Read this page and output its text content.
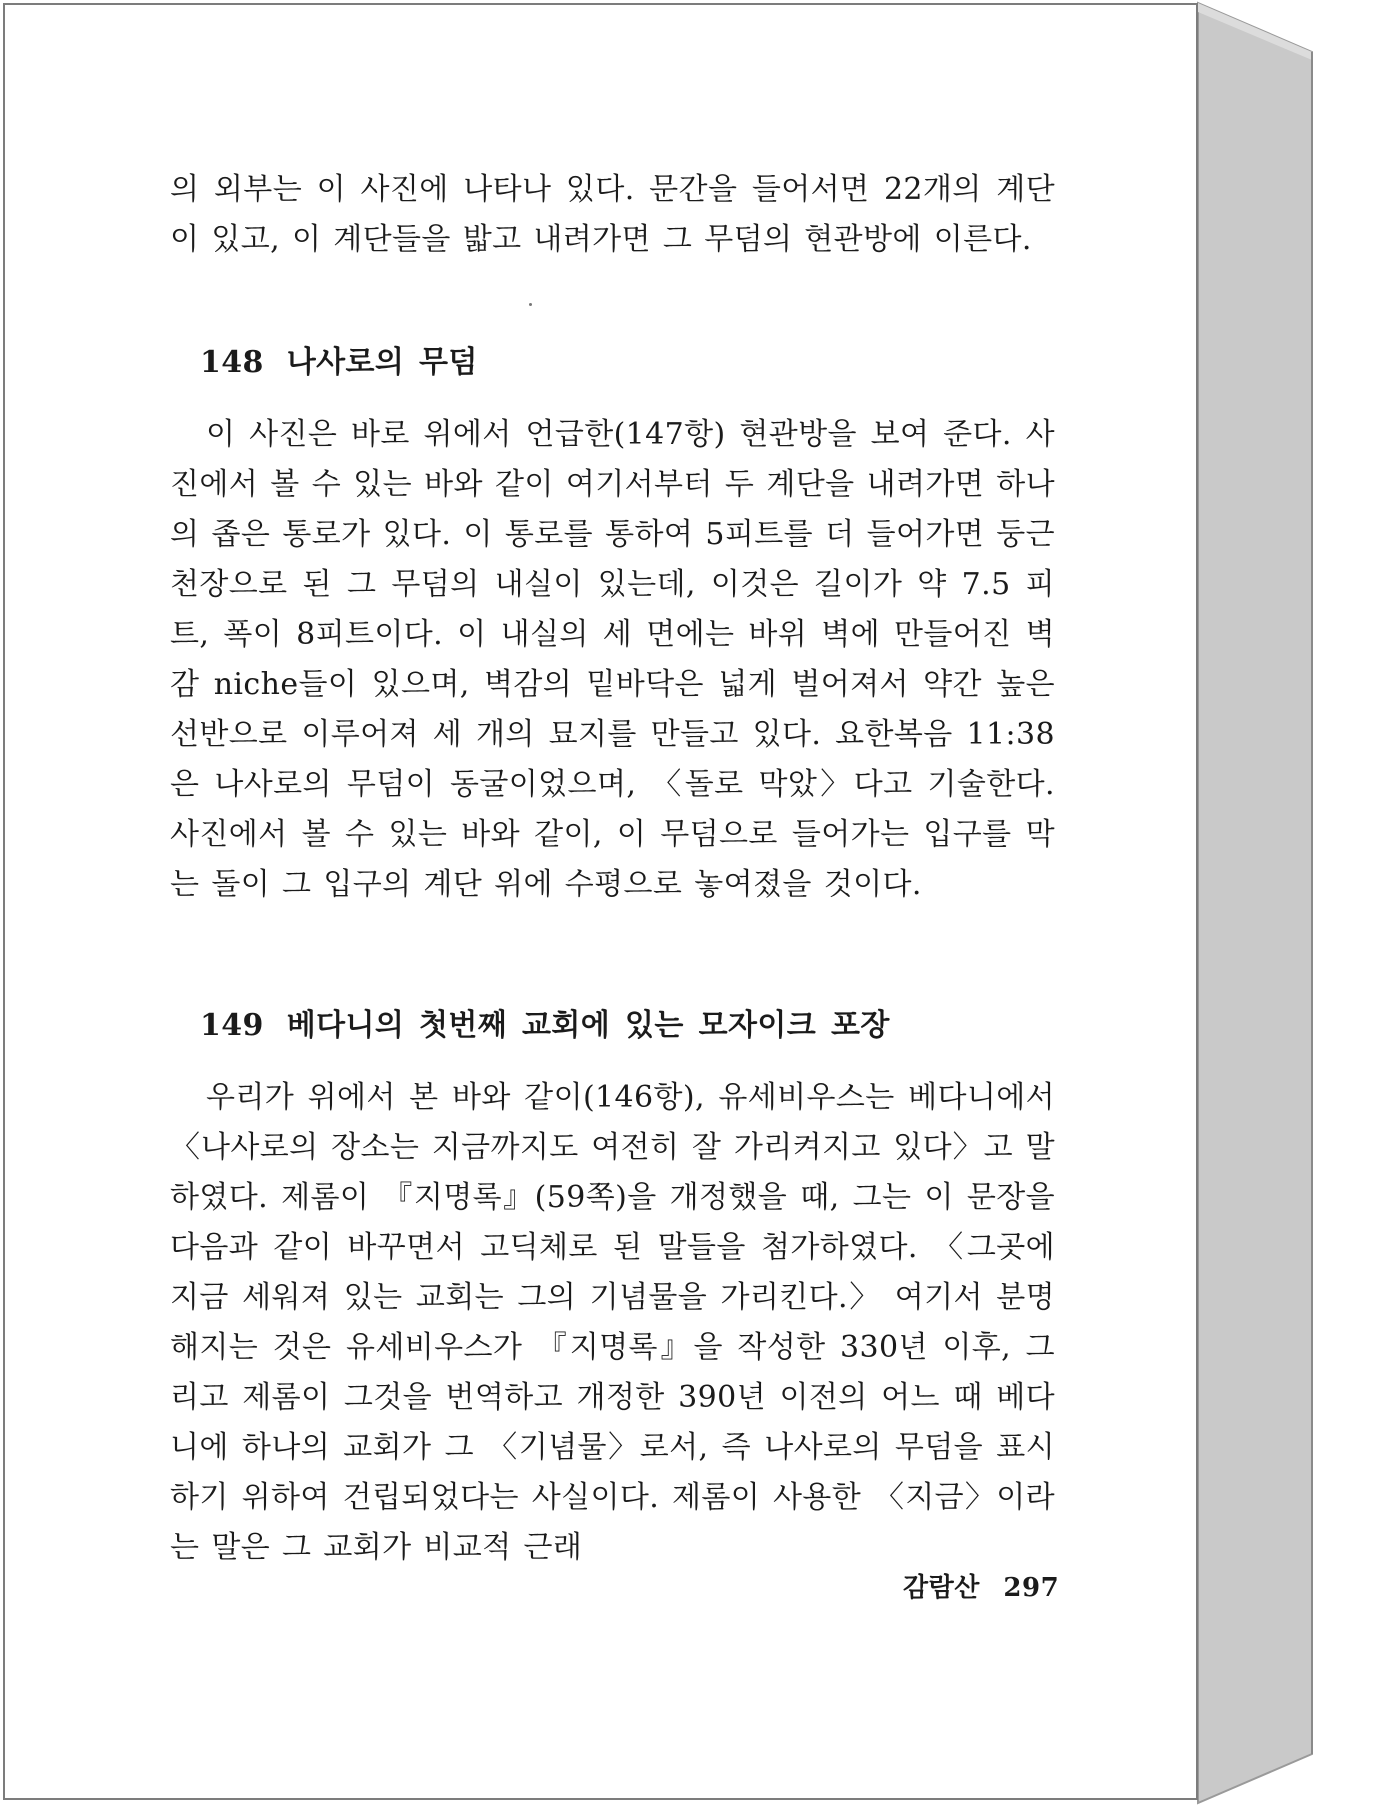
의 외부는 이 사진에 나타나 있다. 문간을 들어서면 22개의 계단이 있고, 이 계단들을 밟고 내려가면 그 무덤의 현관방에 이른다.

148 나사로의 무덤

이 사진은 바로 위에서 언급한(147항) 현관방을 보여 준다. 사진에서 볼 수 있는 바와 같이 여기서부터 두 계단을 내려가면 하나의 좁은 통로가 있다. 이 통로를 통하여 5피트를 더 들어가면 둥근 천장으로 된 그 무덤의 내실이 있는데, 이것은 길이가 약 7.5 피트, 폭이 8피트이다. 이 내실의 세 면에는 바위 벽에 만들어진 벽감 niche들이 있으며, 벽감의 밑바닥은 넓게 벌어져서 약간 높은 선반으로 이루어져 세 개의 묘지를 만들고 있다. 요한복음 11:38은 나사로의 무덤이 동굴이었으며, 〈돌로 막았〉다고 기술한다. 사진에서 볼 수 있는 바와 같이, 이 무덤으로 들어가는 입구를 막는 돌이 그 입구의 계단 위에 수평으로 놓여졌을 것이다.

149 베다니의 첫번째 교회에 있는 모자이크 포장

우리가 위에서 본 바와 같이(146항), 유세비우스는 베다니에서 〈나사로의 장소는 지금까지도 여전히 잘 가리켜지고 있다〉고 말하였다. 제롬이 『지명록』(59쪽)을 개정했을 때, 그는 이 문장을 다음과 같이 바꾸면서 고딕체로 된 말들을 첨가하였다. 〈그곳에 지금 세워져 있는 교회는 그의 기념물을 가리킨다.〉 여기서 분명해지는 것은 유세비우스가 『지명록』을 작성한 330년 이후, 그리고 제롬이 그것을 번역하고 개정한 390년 이전의 어느 때 베다니에 하나의 교회가 그 〈기념물〉로서, 즉 나사로의 무덤을 표시하기 위하여 건립되었다는 사실이다. 제롬이 사용한 〈지금〉이라는 말은 그 교회가 비교적 근래

감람산 297
